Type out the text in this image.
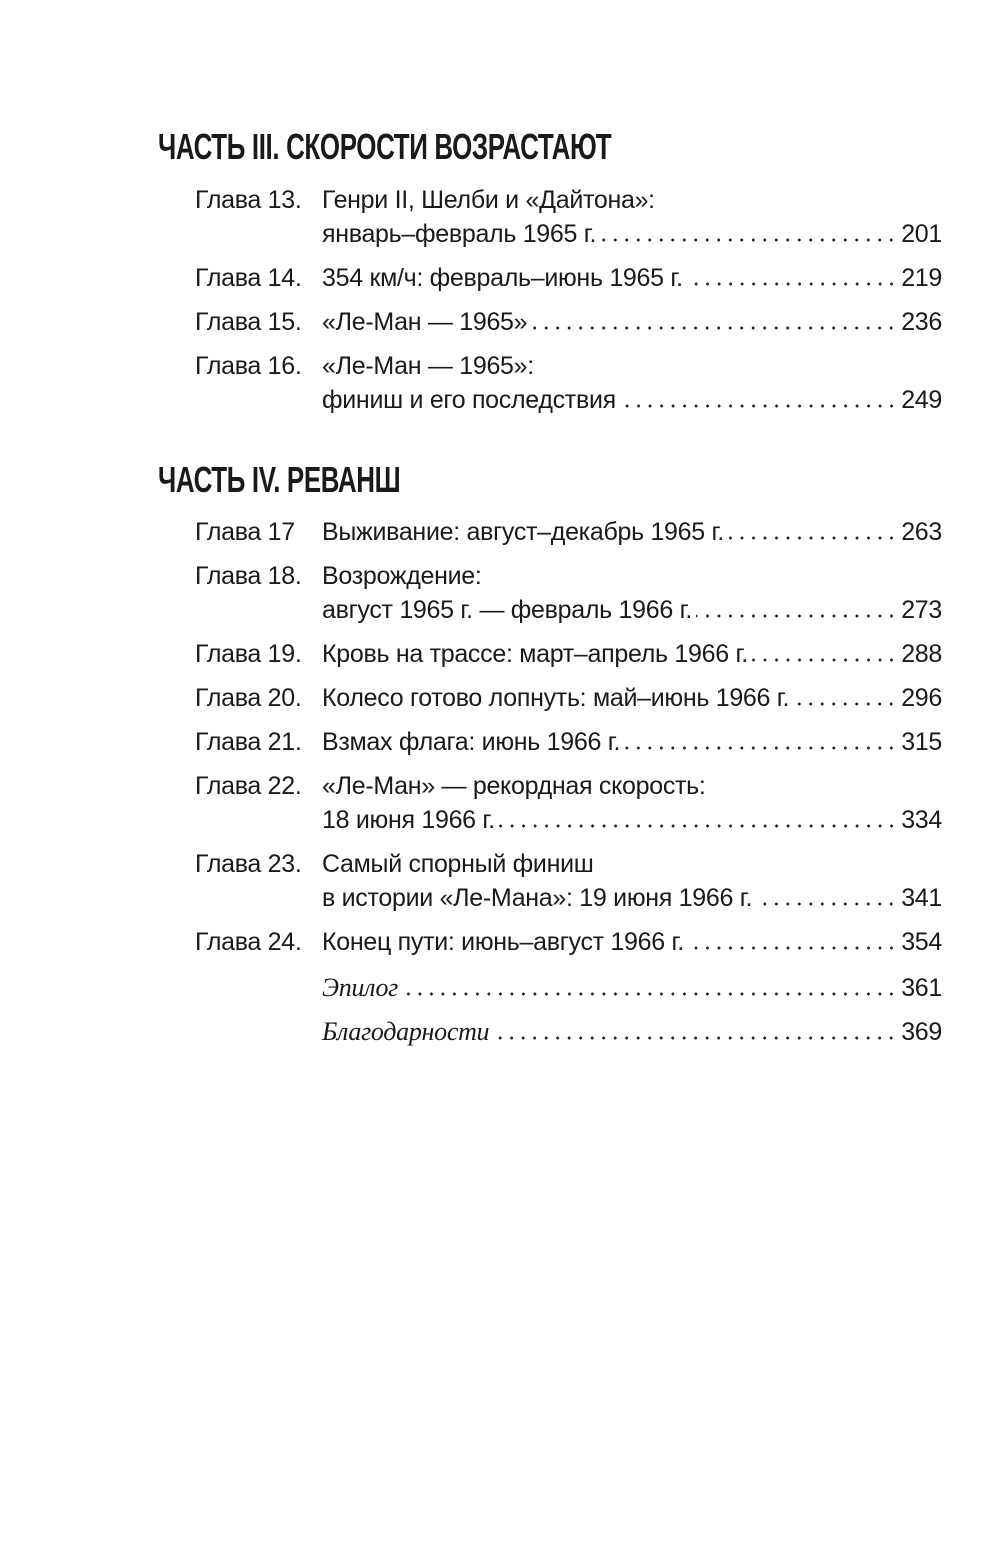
ЧАСТЬ III. СКОРОСТИ ВОЗРАСТАЮТ
Глава 13. Генри II, Шелби и «Дайтона»:
январь–февраль 1965 г.	201
Глава 14. 354 км/ч: февраль–июнь 1965 г.	219
Глава 15. «Ле-Ман — 1965»	236
Глава 16. «Ле-Ман — 1965»:
финиш и его последствия	249
ЧАСТЬ IV. РЕВАНШ
Глава 17	Выживание: август–декабрь 1965 г.	263
Глава 18. Возрождение:
август 1965 г. — февраль 1966 г.	273
Глава 19. Кровь на трассе: март–апрель 1966 г.	288
Глава 20. Колесо готово лопнуть: май–июнь 1966 г.	296
Глава 21. Взмах флага: июнь 1966 г.	315
Глава 22. «Ле-Ман» — рекордная скорость:
18 июня 1966 г.	334
Глава 23. Самый спорный финиш
в истории «Ле-Мана»: 19 июня 1966 г.	341
Глава 24. Конец пути: июнь–август 1966 г.	354
Эпилог	361
Благодарности	369
